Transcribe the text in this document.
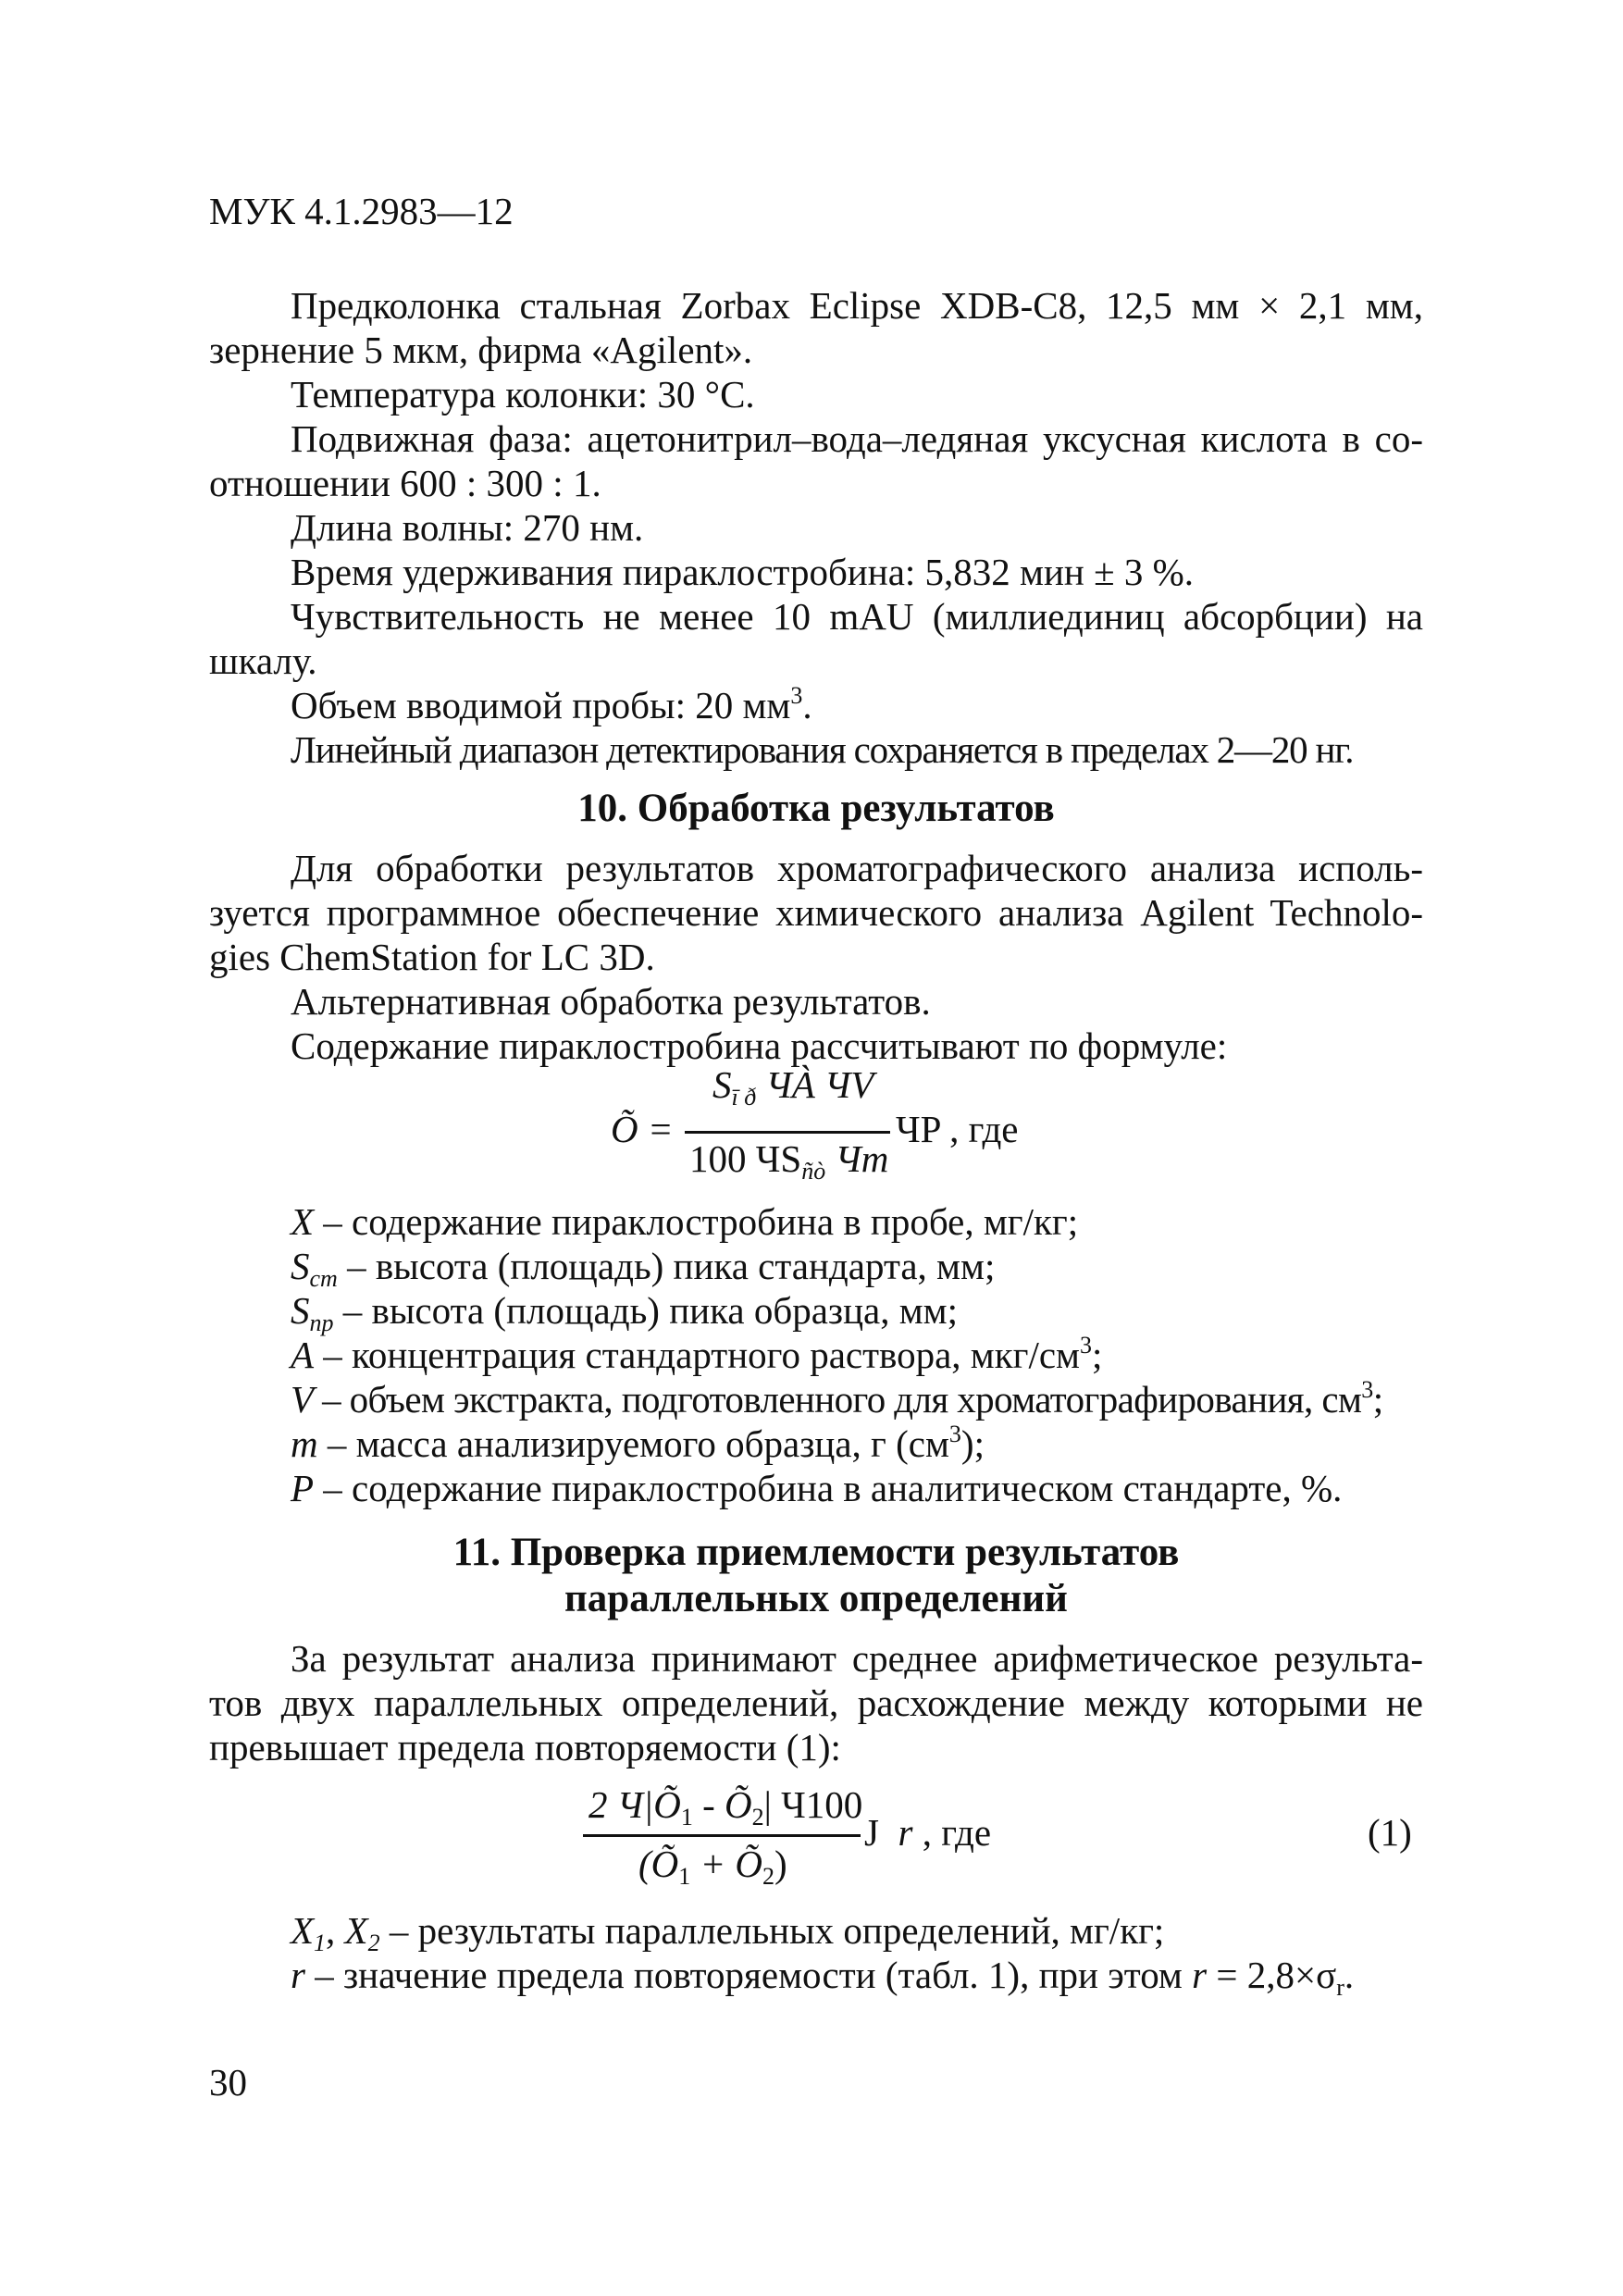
МУК 4.1.2983—12
Предколонка стальная Zorbax Eclipse XDB-C8, 12,5 мм × 2,1 мм,
зернение 5 мкм, фирма «Agilent».
Температура колонки: 30 °С.
Подвижная фаза: ацетонитрил–вода–ледяная уксусная кислота в со-
отношении 600 : 300 : 1.
Длина волны: 270 нм.
Время удерживания пираклостробина: 5,832 мин ± 3 %.
Чувствительность не менее 10 mAU (миллиединиц абсорбции) на
шкалу.
Объем вводимой пробы: 20 $мм^3$.
Линейный диапазон детектирования сохраняется в пределах 2—20 нг.
10. Обработка результатов
Для обработки результатов хроматографического анализа исполь-
зуется программное обеспечение химического анализа Agilent Technolo-
gies ChemStation for LC 3D.
Альтернативная обработка результатов.
Содержание пираклостробина рассчитывают по формуле:
Õ =
$S_{ī ð}$ ЧÀ ЧV
100 $ЧS_{ñò}$ Чm
ЧP , где
X – содержание пираклостробина в пробе, мг/кг;
$S_{ст}$ – высота (площадь) пика стандарта, мм;
$S_{пр}$ – высота (площадь) пика образца, мм;
A – концентрация стандартного раствора, мкг/$см^3$;
V – объем экстракта, подготовленного для хроматографирования, $см^3$;
m – масса анализируемого образца, г $(см^3)$;
P – содержание пираклостробина в аналитическом стандарте, %.
11. Проверка приемлемости результатов
параллельных определений
За результат анализа принимают среднее арифметическое результа-
тов двух параллельных определений, расхождение между которыми не
превышает предела повторяемости (1):
2 $Ч|Õ_1$ - $Õ_2|$ Ч100
($Õ_1$ + $Õ_2$)
J r , где	(1)
$X_1$, $X_2$ – результаты параллельных определений, мг/кг;
r – значение предела повторяемости (табл. 1), при этом $r = 2,8\times\sigma_r$.
30
